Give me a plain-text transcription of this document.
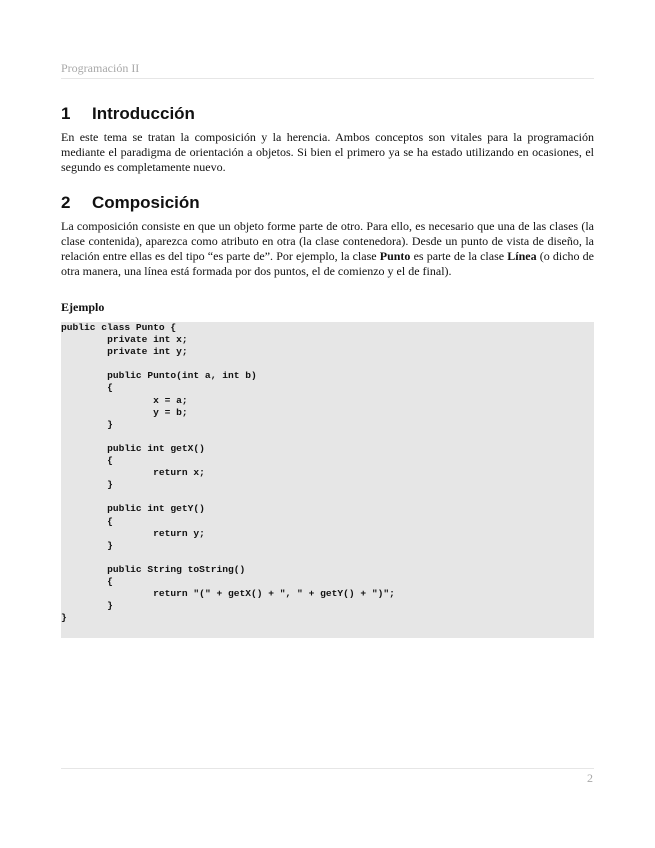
Programación II
1 Introducción

En este tema se tratan la composición y la herencia. Ambos conceptos son vitales para la programación mediante el paradigma de orientación a objetos. Si bien el primero ya se ha estado utilizando en ocasiones, el segundo es completamente nuevo.

2 Composición

La composición consiste en que un objeto forme parte de otro. Para ello, es necesario que una de las clases (la clase contenida), aparezca como atributo en otra (la clase contenedora). Desde un punto de vista de diseño, la relación entre ellas es del tipo “es parte de”. Por ejemplo, la clase Punto es parte de la clase Línea (o dicho de otra manera, una línea está formada por dos puntos, el de comienzo y el de final).

Ejemplo

public class Punto {
	private int x;
	private int y;
	public Punto(int a, int b)
	{
		x = a;
		y = b;
	}
	public int getX()
	{
		return x;
	}
	public int getY()
	{
		return y;
	}
	public String toString()
	{
		return "(" + getX() + ", " + getY() + ")";
	}
}
2
